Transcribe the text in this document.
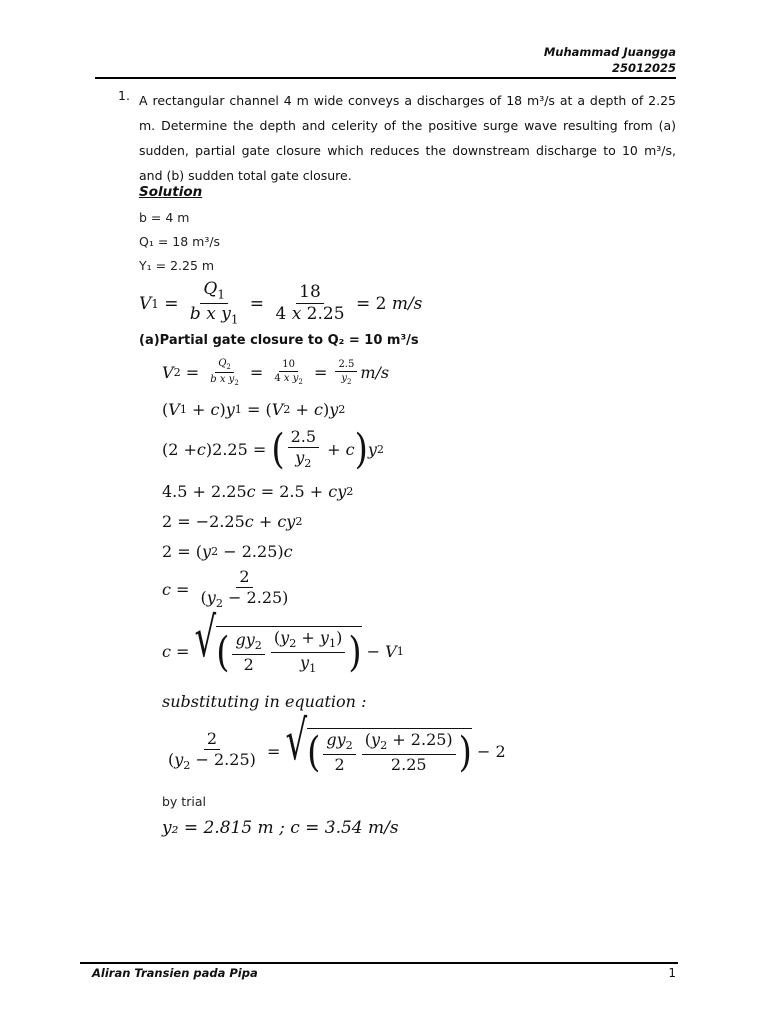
Muhammad Juangga
25012025
1. A rectangular channel 4 m wide conveys a discharges of 18 m³/s at a depth of 2.25 m. Determine the depth and celerity of the positive surge wave resulting from (a) sudden, partial gate closure which reduces the downstream discharge to 10 m³/s, and (b) sudden total gate closure.
Solution
b = 4 m
Q₁ = 18 m³/s
Y₁ = 2.25 m
V $1 = \frac{Q_1}{b x y_1} = \frac{18}{4 x 2.25} = 2$ m/s
(a)Partial gate closure to Q₂ = 10 m³/s
V $2 = \frac{Q_2}{b x y_2} = \frac{10}{4 x y_2} = \frac{2.5}{y_2} m/s$
( V 1 + c ) y 1 = ( V 2 + c ) y 2
(2 + c )2.25 = ( $\frac{2.5}{y_2} + c$ ) y 2
4.5 + 2.25 c = 2.5 + cy 2
2 = −2.25 c + cy 2
2 = ( y 2 − 2.25) c
$c = \frac{2}{(y_2 - 2.25)}$
c = √ ( $\frac{gy_2}{2} \frac{(y_2 + y_1)}{y_1}$ ) − V 1
substituting in equation :
$\frac{2}{(y_2 - 2.25)}$ = √ ( $\frac{gy_2}{2} \frac{(y_2 + 2.25)}{2.25}$ ) − 2
by trial
y₂ = 2.815 m ; c = 3.54 m/s
Aliran Transien pada Pipa	1
